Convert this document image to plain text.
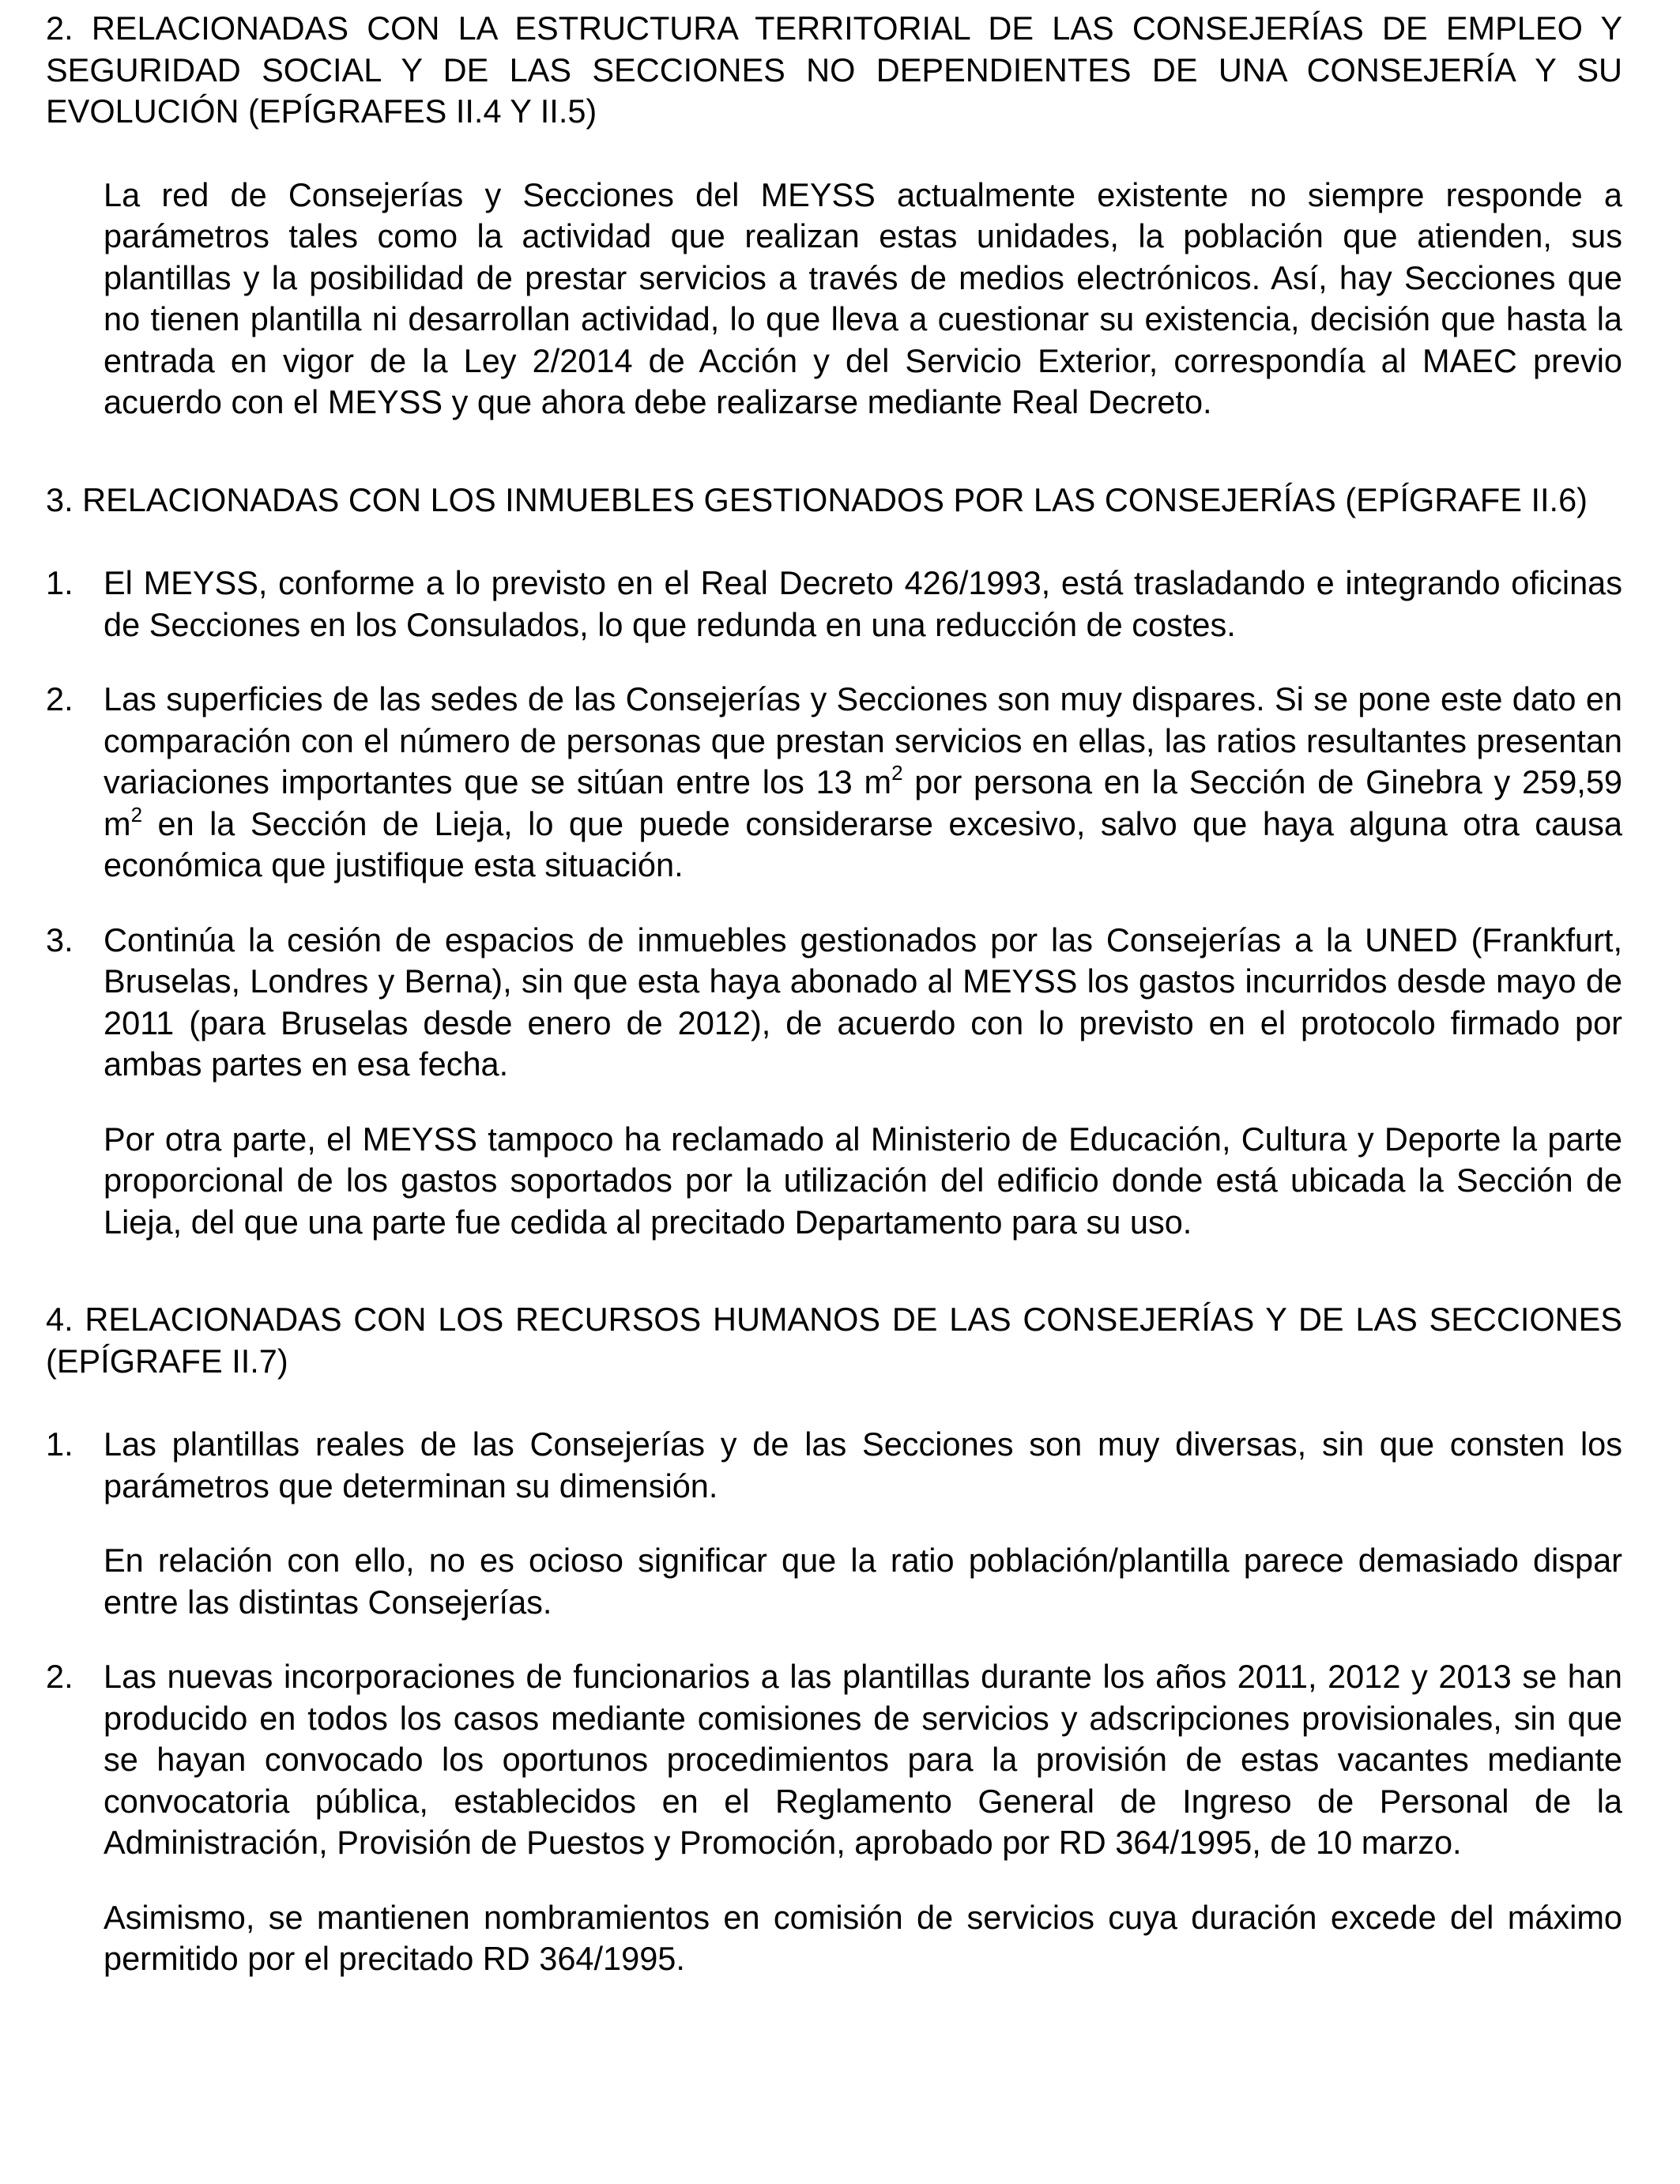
2. RELACIONADAS CON LA ESTRUCTURA TERRITORIAL DE LAS CONSEJERÍAS DE EMPLEO Y SEGURIDAD SOCIAL Y DE LAS SECCIONES NO DEPENDIENTES DE UNA CONSEJERÍA Y SU EVOLUCIÓN (EPÍGRAFES II.4 Y II.5)

La red de Consejerías y Secciones del MEYSS actualmente existente no siempre responde a parámetros tales como la actividad que realizan estas unidades, la población que atienden, sus plantillas y la posibilidad de prestar servicios a través de medios electrónicos. Así, hay Secciones que no tienen plantilla ni desarrollan actividad, lo que lleva a cuestionar su existencia, decisión que hasta la entrada en vigor de la Ley 2/2014 de Acción y del Servicio Exterior, correspondía al MAEC previo acuerdo con el MEYSS y que ahora debe realizarse mediante Real Decreto.

3. RELACIONADAS CON LOS INMUEBLES GESTIONADOS POR LAS CONSEJERÍAS (EPÍGRAFE II.6)

1. El MEYSS, conforme a lo previsto en el Real Decreto 426/1993, está trasladando e integrando oficinas de Secciones en los Consulados, lo que redunda en una reducción de costes.

2. Las superficies de las sedes de las Consejerías y Secciones son muy dispares. Si se pone este dato en comparación con el número de personas que prestan servicios en ellas, las ratios resultantes presentan variaciones importantes que se sitúan entre los 13 $m^2$ por persona en la Sección de Ginebra y 259,59 $m^2$ en la Sección de Lieja, lo que puede considerarse excesivo, salvo que haya alguna otra causa económica que justifique esta situación.

3. Continúa la cesión de espacios de inmuebles gestionados por las Consejerías a la UNED (Frankfurt, Bruselas, Londres y Berna), sin que esta haya abonado al MEYSS los gastos incurridos desde mayo de 2011 (para Bruselas desde enero de 2012), de acuerdo con lo previsto en el protocolo firmado por ambas partes en esa fecha.

Por otra parte, el MEYSS tampoco ha reclamado al Ministerio de Educación, Cultura y Deporte la parte proporcional de los gastos soportados por la utilización del edificio donde está ubicada la Sección de Lieja, del que una parte fue cedida al precitado Departamento para su uso.

4. RELACIONADAS CON LOS RECURSOS HUMANOS DE LAS CONSEJERÍAS Y DE LAS SECCIONES (EPÍGRAFE II.7)

1. Las plantillas reales de las Consejerías y de las Secciones son muy diversas, sin que consten los parámetros que determinan su dimensión.

En relación con ello, no es ocioso significar que la ratio población/plantilla parece demasiado dispar entre las distintas Consejerías.

2. Las nuevas incorporaciones de funcionarios a las plantillas durante los años 2011, 2012 y 2013 se han producido en todos los casos mediante comisiones de servicios y adscripciones provisionales, sin que se hayan convocado los oportunos procedimientos para la provisión de estas vacantes mediante convocatoria pública, establecidos en el Reglamento General de Ingreso de Personal de la Administración, Provisión de Puestos y Promoción, aprobado por RD 364/1995, de 10 marzo.

Asimismo, se mantienen nombramientos en comisión de servicios cuya duración excede del máximo permitido por el precitado RD 364/1995.
